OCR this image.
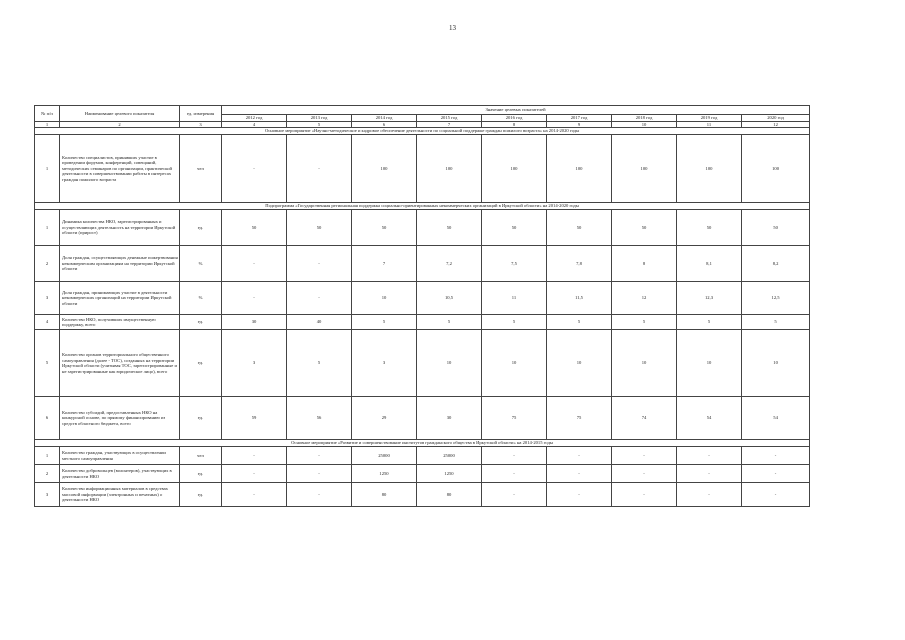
13
№ п/п	Наименование целевого показателя	ед. измерения	Значение целевых показателей								
			2012 год	2013 год	2014 год	2015 год	2016 год	2017 год	2018 год	2019 год	2020 год
1	2	3	4	5	6	7	8	9	10	11	12
Основное мероприятие «Научно-методическое и кадровое обеспечение деятельности по социальной поддержке граждан пожилого возраста» на 2014-2020 годы											
1	Количество специалистов, принявших участие в проведении форумов, конференций, совещаний, методических семинаров по организации, практической деятельности в совершенствовании работы в интересах граждан пожилого возраста	чел	-	-	100	100	100	100	100	100	100
Подпрограмма «Государственная региональная поддержка социально-ориентированных некоммерческих организаций в Иркутской области» на 2014-2020 годы											
1	Динамика количества НКО, зарегистрированных и осуществляющих деятельность на территории Иркутской области (прирост)	ед.	50	50	50	50	50	50	50	50	50
2	Доля граждан, осуществляющих денежные пожертвования некоммерческим организациям на территории Иркутской области	%	-	-	7	7,2	7,5	7,8	8	8,1	8,2
3	Доля граждан, принимающих участие в деятельности некоммерческих организаций на территории Иркутской области	%	-	-	10	10,5	11	11,5	12	12,3	12,5
4	Количество НКО, получивших имущественную поддержку, всего	ед.	30	40	5	5	5	5	5	5	5
5	Количество органов территориального общественного самоуправления (далее - ТОС), созданных на территории Иркутской области (учитывая ТОС, зарегистрированные и не зарегистрированные как юридическое лицо), всего	ед.	3	5	3	10	10	10	10	10	10
6	Количество субсидий, предоставленных НКО на конкурсной основе, по прямому финансированию из средств областного бюджета, всего	ед.	59	56	29	30	75	75	74	54	54
Основное мероприятие «Развитие и совершенствование институтов гражданского общества в Иркутской области» на 2014-2015 годы											
1	Количество граждан, участвующих в осуществлении местного самоуправления	чел	-	-	25000	25000	-	-	-	-	-
2	Количество добровольцев (волонтеров), участвующих в деятельности НКО	ед.	-	-	1250	1250	-	-	-	-	-
3	Количество информационных материалов в средствах массовой информации (электронных и печатных) о деятельности НКО	ед.	-	-	80	80	-	-	-	-	-
